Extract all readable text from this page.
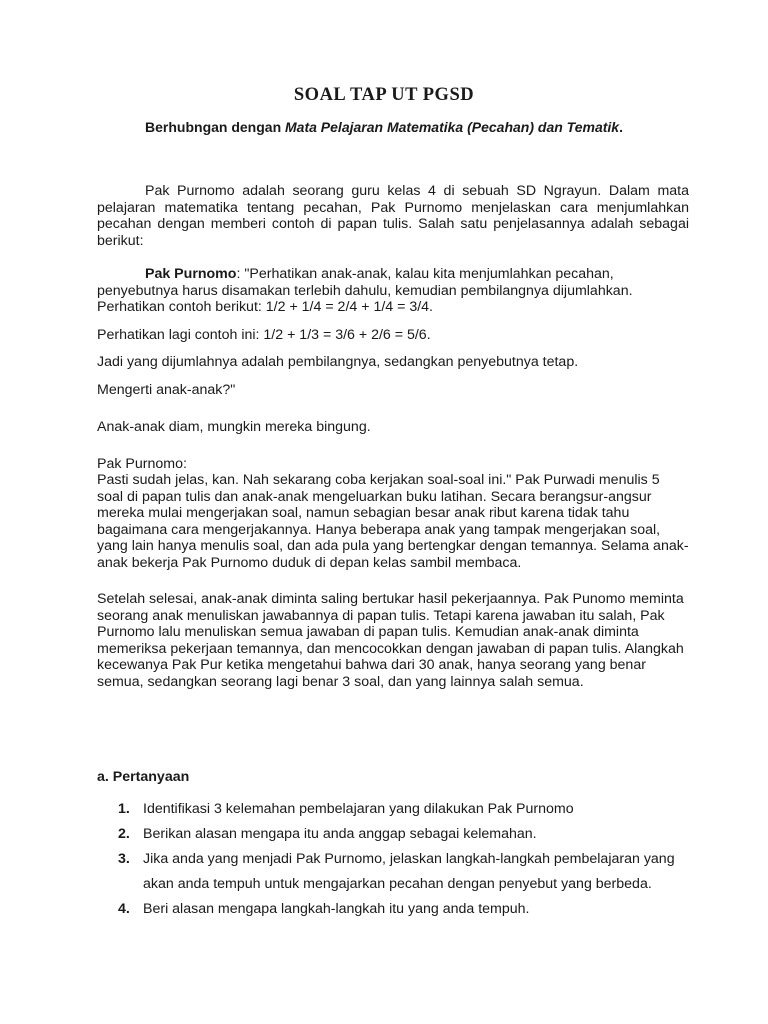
SOAL TAP UT PGSD

Berhubngan dengan Mata Pelajaran Matematika (Pecahan) dan Tematik.

Pak Purnomo adalah seorang guru kelas 4 di sebuah SD Ngrayun. Dalam mata pelajaran matematika tentang pecahan, Pak Purnomo menjelaskan cara menjumlahkan pecahan dengan memberi contoh di papan tulis. Salah satu penjelasannya adalah sebagai berikut:

Pak Purnomo: "Perhatikan anak-anak, kalau kita menjumlahkan pecahan, penyebutnya harus disamakan terlebih dahulu, kemudian pembilangnya dijumlahkan. Perhatikan contoh berikut: 1/2 + 1/4 = 2/4 + 1/4 = 3/4.

Perhatikan lagi contoh ini: 1/2 + 1/3 = 3/6 + 2/6 = 5/6.

Jadi yang dijumlahnya adalah pembilangnya, sedangkan penyebutnya tetap.

Mengerti anak-anak?"

Anak-anak diam, mungkin mereka bingung.

Pak Purnomo:

Pasti sudah jelas, kan. Nah sekarang coba kerjakan soal-soal ini." Pak Purwadi menulis 5 soal di papan tulis dan anak-anak mengeluarkan buku latihan. Secara berangsur-angsur mereka mulai mengerjakan soal, namun sebagian besar anak ribut karena tidak tahu bagaimana cara mengerjakannya. Hanya beberapa anak yang tampak mengerjakan soal, yang lain hanya menulis soal, dan ada pula yang bertengkar dengan temannya. Selama anak-anak bekerja Pak Purnomo duduk di depan kelas sambil membaca.

Setelah selesai, anak-anak diminta saling bertukar hasil pekerjaannya. Pak Punomo meminta seorang anak menuliskan jawabannya di papan tulis. Tetapi karena jawaban itu salah, Pak Purnomo lalu menuliskan semua jawaban di papan tulis. Kemudian anak-anak diminta memeriksa pekerjaan temannya, dan mencocokkan dengan jawaban di papan tulis. Alangkah kecewanya Pak Pur ketika mengetahui bahwa dari 30 anak, hanya seorang yang benar semua, sedangkan seorang lagi benar 3 soal, dan yang lainnya salah semua.

a. Pertanyaan

1. Identifikasi 3 kelemahan pembelajaran yang dilakukan Pak Purnomo
2. Berikan alasan mengapa itu anda anggap sebagai kelemahan.
3. Jika anda yang menjadi Pak Purnomo, jelaskan langkah-langkah pembelajaran yang akan anda tempuh untuk mengajarkan pecahan dengan penyebut yang berbeda.
4. Beri alasan mengapa langkah-langkah itu yang anda tempuh.
